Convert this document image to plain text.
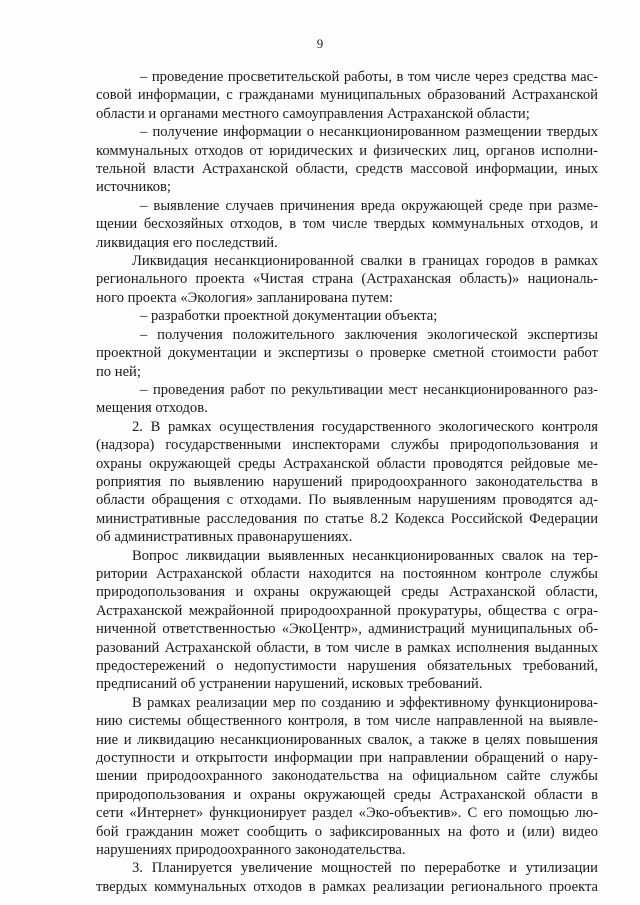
9
– проведение просветительской работы, в том числе через средства мас-
совой информации, с гражданами муниципальных образований Астраханской
области и органами местного самоуправления Астраханской области;
– получение информации о несанкционированном размещении твердых
коммунальных отходов от юридических и физических лиц, органов исполни-
тельной власти Астраханской области, средств массовой информации, иных
источников;
– выявление случаев причинения вреда окружающей среде при разме-
щении бесхозяйных отходов, в том числе твердых коммунальных отходов, и
ликвидация его последствий.
Ликвидация несанкционированной свалки в границах городов в рамках
регионального проекта «Чистая страна (Астраханская область)» националь-
ного проекта «Экология» запланирована путем:
– разработки проектной документации объекта;
– получения положительного заключения экологической экспертизы
проектной документации и экспертизы о проверке сметной стоимости работ
по ней;
– проведения работ по рекультивации мест несанкционированного раз-
мещения отходов.
2. В рамках осуществления государственного экологического контроля
(надзора) государственными инспекторами службы природопользования и
охраны окружающей среды Астраханской области проводятся рейдовые ме-
роприятия по выявлению нарушений природоохранного законодательства в
области обращения с отходами. По выявленным нарушениям проводятся ад-
министративные расследования по статье 8.2 Кодекса Российской Федерации
об административных правонарушениях.
Вопрос ликвидации выявленных несанкционированных свалок на тер-
ритории Астраханской области находится на постоянном контроле службы
природопользования и охраны окружающей среды Астраханской области,
Астраханской межрайонной природоохранной прокуратуры, общества с огра-
ниченной ответственностью «ЭкоЦентр», администраций муниципальных об-
разований Астраханской области, в том числе в рамках исполнения выданных
предостережений о недопустимости нарушения обязательных требований,
предписаний об устранении нарушений, исковых требований.
В рамках реализации мер по созданию и эффективному функционирова-
нию системы общественного контроля, в том числе направленной на выявле-
ние и ликвидацию несанкционированных свалок, а также в целях повышения
доступности и открытости информации при направлении обращений о нару-
шении природоохранного законодательства на официальном сайте службы
природопользования и охраны окружающей среды Астраханской области в
сети «Интернет» функционирует раздел «Эко-объектив». С его помощью лю-
бой гражданин может сообщить о зафиксированных на фото и (или) видео
нарушениях природоохранного законодательства.
3. Планируется увеличение мощностей по переработке и утилизации
твердых коммунальных отходов в рамках реализации регионального проекта
